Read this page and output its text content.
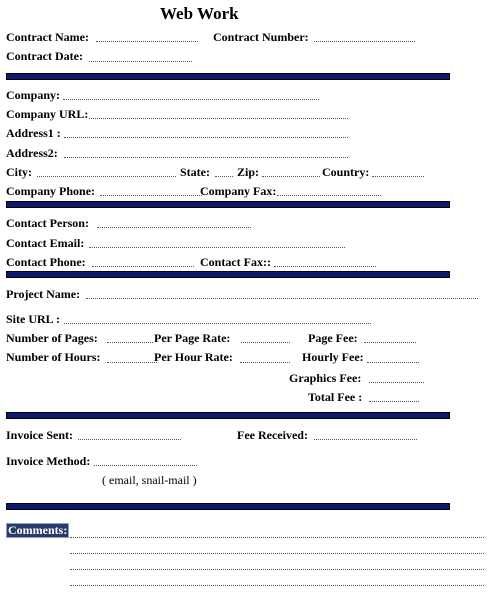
Web Work
Contract Name:	Contract Number:
Contract Date:
Company:
Company URL:
Address1 :
Address2:
City:	State: Zip:	Country:
Company Phone:	Company Fax:
Contact Person:
Contact Email:
Contact Phone:	Contact Fax::
Project Name:
Site URL :
Number of Pages:	Per Page Rate:	Page Fee:
Number of Hours:	Per Hour Rate:	Hourly Fee:
Graphics Fee:
Total Fee :
Invoice Sent:	Fee Received:
Invoice Method:
( email, snail-mail )
Comments:
